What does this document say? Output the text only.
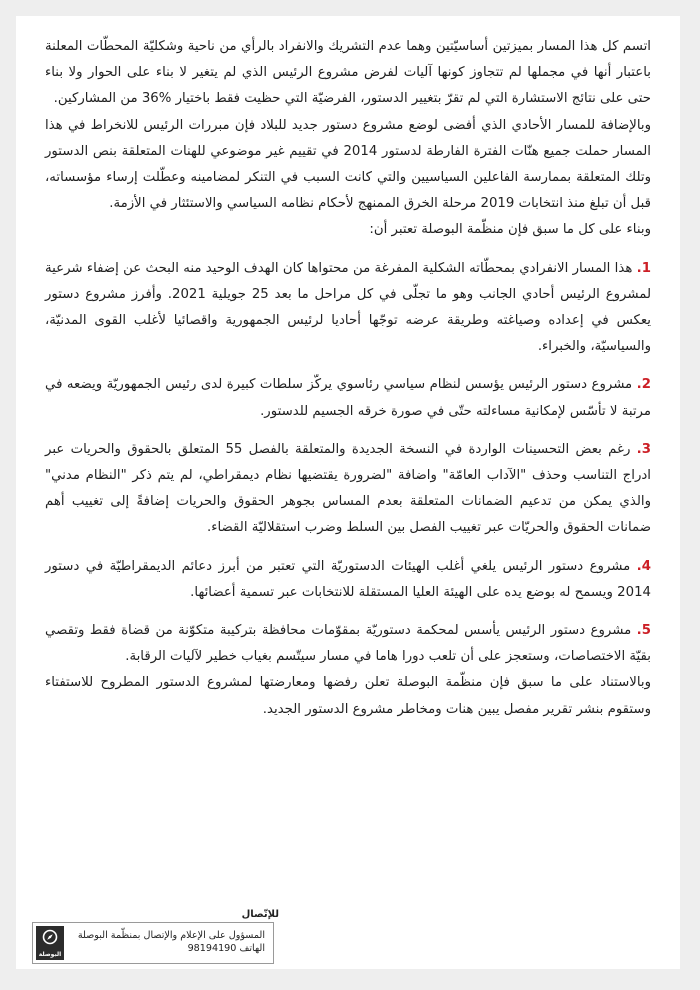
اتسم كل هذا المسار بميزتين أساسيّتين وهما عدم التشريك والانفراد بالرأي من ناحية وشكليّة المحطّات المعلنة باعتبار أنها في مجملها لم تتجاوز كونها آليات لفرض مشروع الرئيس الذي لم يتغير لا بناء على الحوار ولا بناء حتى على نتائج الاستشارة التي لم تقرّ بتغيير الدستور، الفرضيّة التي حظيت فقط باختيار %36 من المشاركين.

وبالإضافة للمسار الأحادي الذي أفضى لوضع مشروع دستور جديد للبلاد فإن مبررات الرئيس للانخراط في هذا المسار حملت جميع هنّات الفترة الفارطة لدستور 2014 في تقييم غير موضوعي للهنات المتعلقة بنص الدستور وتلك المتعلقة بممارسة الفاعلين السياسيين والتي كانت السبب في التنكر لمضامينه وعطّلت إرساء مؤسساته، قبل أن تبلغ منذ انتخابات 2019 مرحلة الخرق الممنهج لأحكام نظامه السياسي والاستئثار في الأزمة.

وبناء على كل ما سبق فإن منظّمة البوصلة تعتبر أن:

1. هذا المسار الانفرادي بمحطّاته الشكلية المفرغة من محتواها كان الهدف الوحيد منه البحث عن إضفاء شرعية لمشروع الرئيس أحادي الجانب وهو ما تجلّى في كل مراحل ما بعد 25 جويلية 2021. وأفرز مشروع دستور يعكس في إعداده وصياغته وطريقة عرضه توجّها أحاديا لرئيس الجمهورية واقصائيا لأغلب القوى المدنيّة، والسياسيّة، والخبراء.

2. مشروع دستور الرئيس يؤسس لنظام سياسي رئاسوي يركّز سلطات كبيرة لدى رئيس الجمهوريّة ويضعه في مرتبة لا تأسّس لإمكانية مساءلته حتّى في صورة خرقه الجسيم للدستور.

3. رغم بعض التحسينات الواردة في النسخة الجديدة والمتعلقة بالفصل 55 المتعلق بالحقوق والحريات عبر ادراج التناسب وحذف "الآداب العامّة" واضافة "لضرورة يقتضيها نظام ديمقراطي، لم يتم ذكر "النظام مدني" والذي يمكن من تدعيم الضمانات المتعلقة بعدم المساس بجوهر الحقوق والحريات إضافةً إلى تغييب أهم ضمانات الحقوق والحريّات عبر تغييب الفصل بين السلط وضرب استقلاليّة القضاء.

4. مشروع دستور الرئيس يلغي أغلب الهيئات الدستوريّة التي تعتبر من أبرز دعائم الديمقراطيّة في دستور 2014 ويسمح له بوضع يده على الهيئة العليا المستقلة للانتخابات عبر تسمية أعضائها.

5. مشروع دستور الرئيس يأسس لمحكمة دستوريّة بمقوّمات محافظة بتركيبة متكوّنة من قضاة فقط وتقصي بقيّة الاختصاصات، وستعجز على أن تلعب دورا هاما في مسار سيتّسم بغياب خطير لآليات الرقابة.

وبالاستناد على ما سبق فإن منظّمة البوصلة تعلن رفضها ومعارضتها لمشروع الدستور المطروح للاستفتاء وستقوم بنشر تقرير مفصل يبين هنات ومخاطر مشروع الدستور الجديد.

للإتّصال
المسؤول على الإعلام والإتصال بمنظّمة البوصلة
الهاتف 98194190
البوصلة
